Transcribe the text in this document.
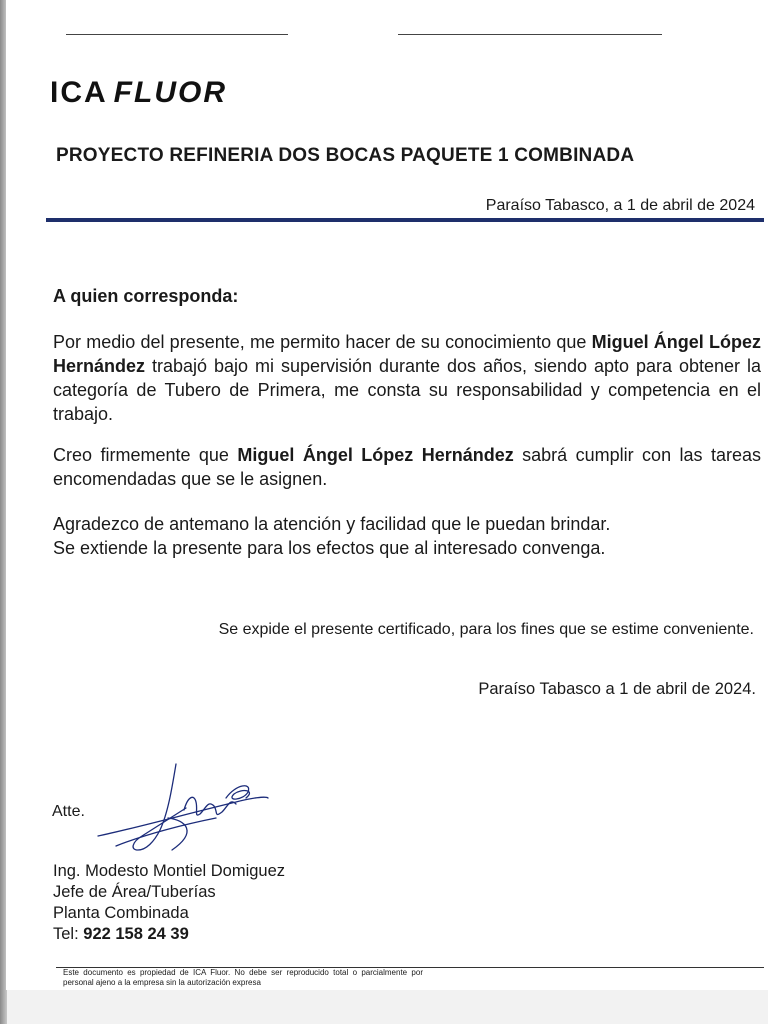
ICA FLUOR
PROYECTO REFINERIA DOS BOCAS PAQUETE 1 COMBINADA
Paraíso Tabasco, a 1 de abril de 2024
A quien corresponda:
Por medio del presente, me permito hacer de su conocimiento que Miguel Ángel López Hernández trabajó bajo mi supervisión durante dos años, siendo apto para obtener la categoría de Tubero de Primera, me consta su responsabilidad y competencia en el trabajo.
Creo firmemente que Miguel Ángel López Hernández sabrá cumplir con las tareas encomendadas que se le asignen.
Agradezco de antemano la atención y facilidad que le puedan brindar.
Se extiende la presente para los efectos que al interesado convenga.
Se expide el presente certificado, para los fines que se estime conveniente.
Paraíso Tabasco a 1 de abril de 2024.
Atte.
Ing. Modesto Montiel Domiguez
Jefe de Área/Tuberías
Planta Combinada
Tel: 922 158 24 39
Este documento es propiedad de ICA Fluor. No debe ser reproducido total o parcialmente por personal ajeno a la empresa sin la autorización expresa
